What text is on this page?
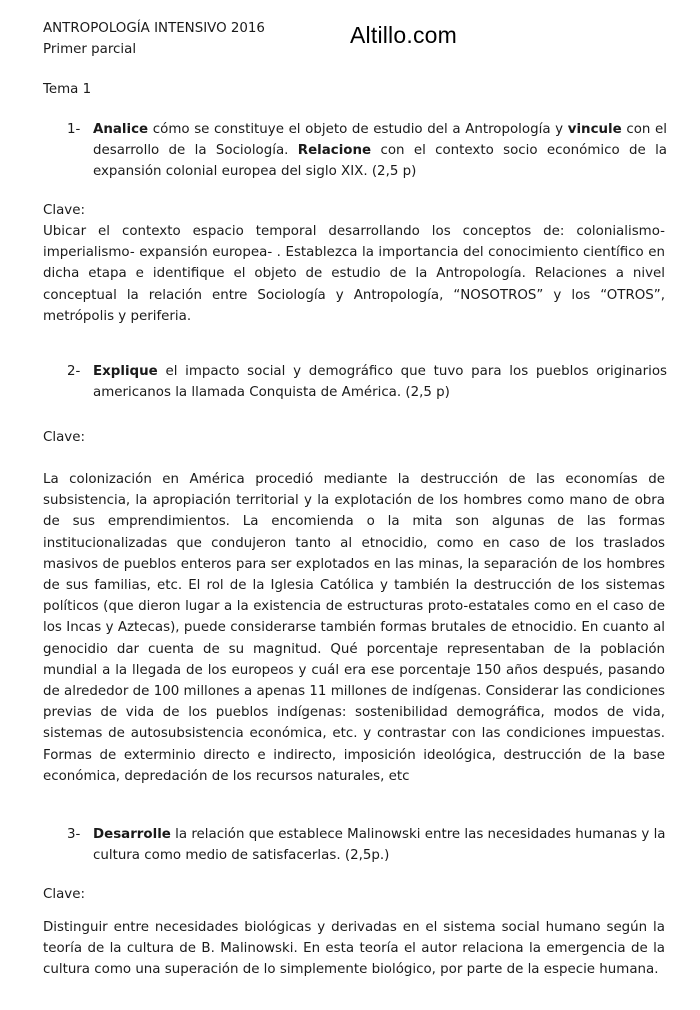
ANTROPOLOGÍA INTENSIVO 2016
Primer parcial
Altillo.com
Tema 1
1- Analice cómo se constituye el objeto de estudio del a Antropología y vincule con el desarrollo de la Sociología. Relacione con el contexto socio económico de la expansión colonial europea del siglo XIX. (2,5 p)
Clave:
Ubicar el contexto espacio temporal desarrollando los conceptos de: colonialismo-imperialismo- expansión europea- . Establezca la importancia del conocimiento científico en dicha etapa e identifique el objeto de estudio de la Antropología. Relaciones a nivel conceptual la relación entre Sociología y Antropología, “NOSOTROS” y los “OTROS”, metrópolis y periferia.
2- Explique el impacto social y demográfico que tuvo para los pueblos originarios americanos la llamada Conquista de América. (2,5 p)
Clave:
La colonización en América procedió mediante la destrucción de las economías de subsistencia, la apropiación territorial y la explotación de los hombres como mano de obra de sus emprendimientos. La encomienda o la mita son algunas de las formas institucionalizadas que condujeron tanto al etnocidio, como en caso de los traslados masivos de pueblos enteros para ser explotados en las minas, la separación de los hombres de sus familias, etc. El rol de la Iglesia Católica y también la destrucción de los sistemas políticos (que dieron lugar a la existencia de estructuras proto-estatales como en el caso de los Incas y Aztecas), puede considerarse también formas brutales de etnocidio. En cuanto al genocidio dar cuenta de su magnitud. Qué porcentaje representaban de la población mundial a la llegada de los europeos y cuál era ese porcentaje 150 años después, pasando de alrededor de 100 millones a apenas 11 millones de indígenas. Considerar las condiciones previas de vida de los pueblos indígenas: sostenibilidad demográfica, modos de vida, sistemas de autosubsistencia económica, etc. y contrastar con las condiciones impuestas. Formas de exterminio directo e indirecto, imposición ideológica, destrucción de la base económica, depredación de los recursos naturales, etc
3- Desarrolle la relación que establece Malinowski entre las necesidades humanas y la cultura como medio de satisfacerlas. (2,5p.)
Clave:
Distinguir entre necesidades biológicas y derivadas en el sistema social humano según la teoría de la cultura de B. Malinowski. En esta teoría el autor relaciona la emergencia de la cultura como una superación de lo simplemente biológico, por parte de la especie humana.
